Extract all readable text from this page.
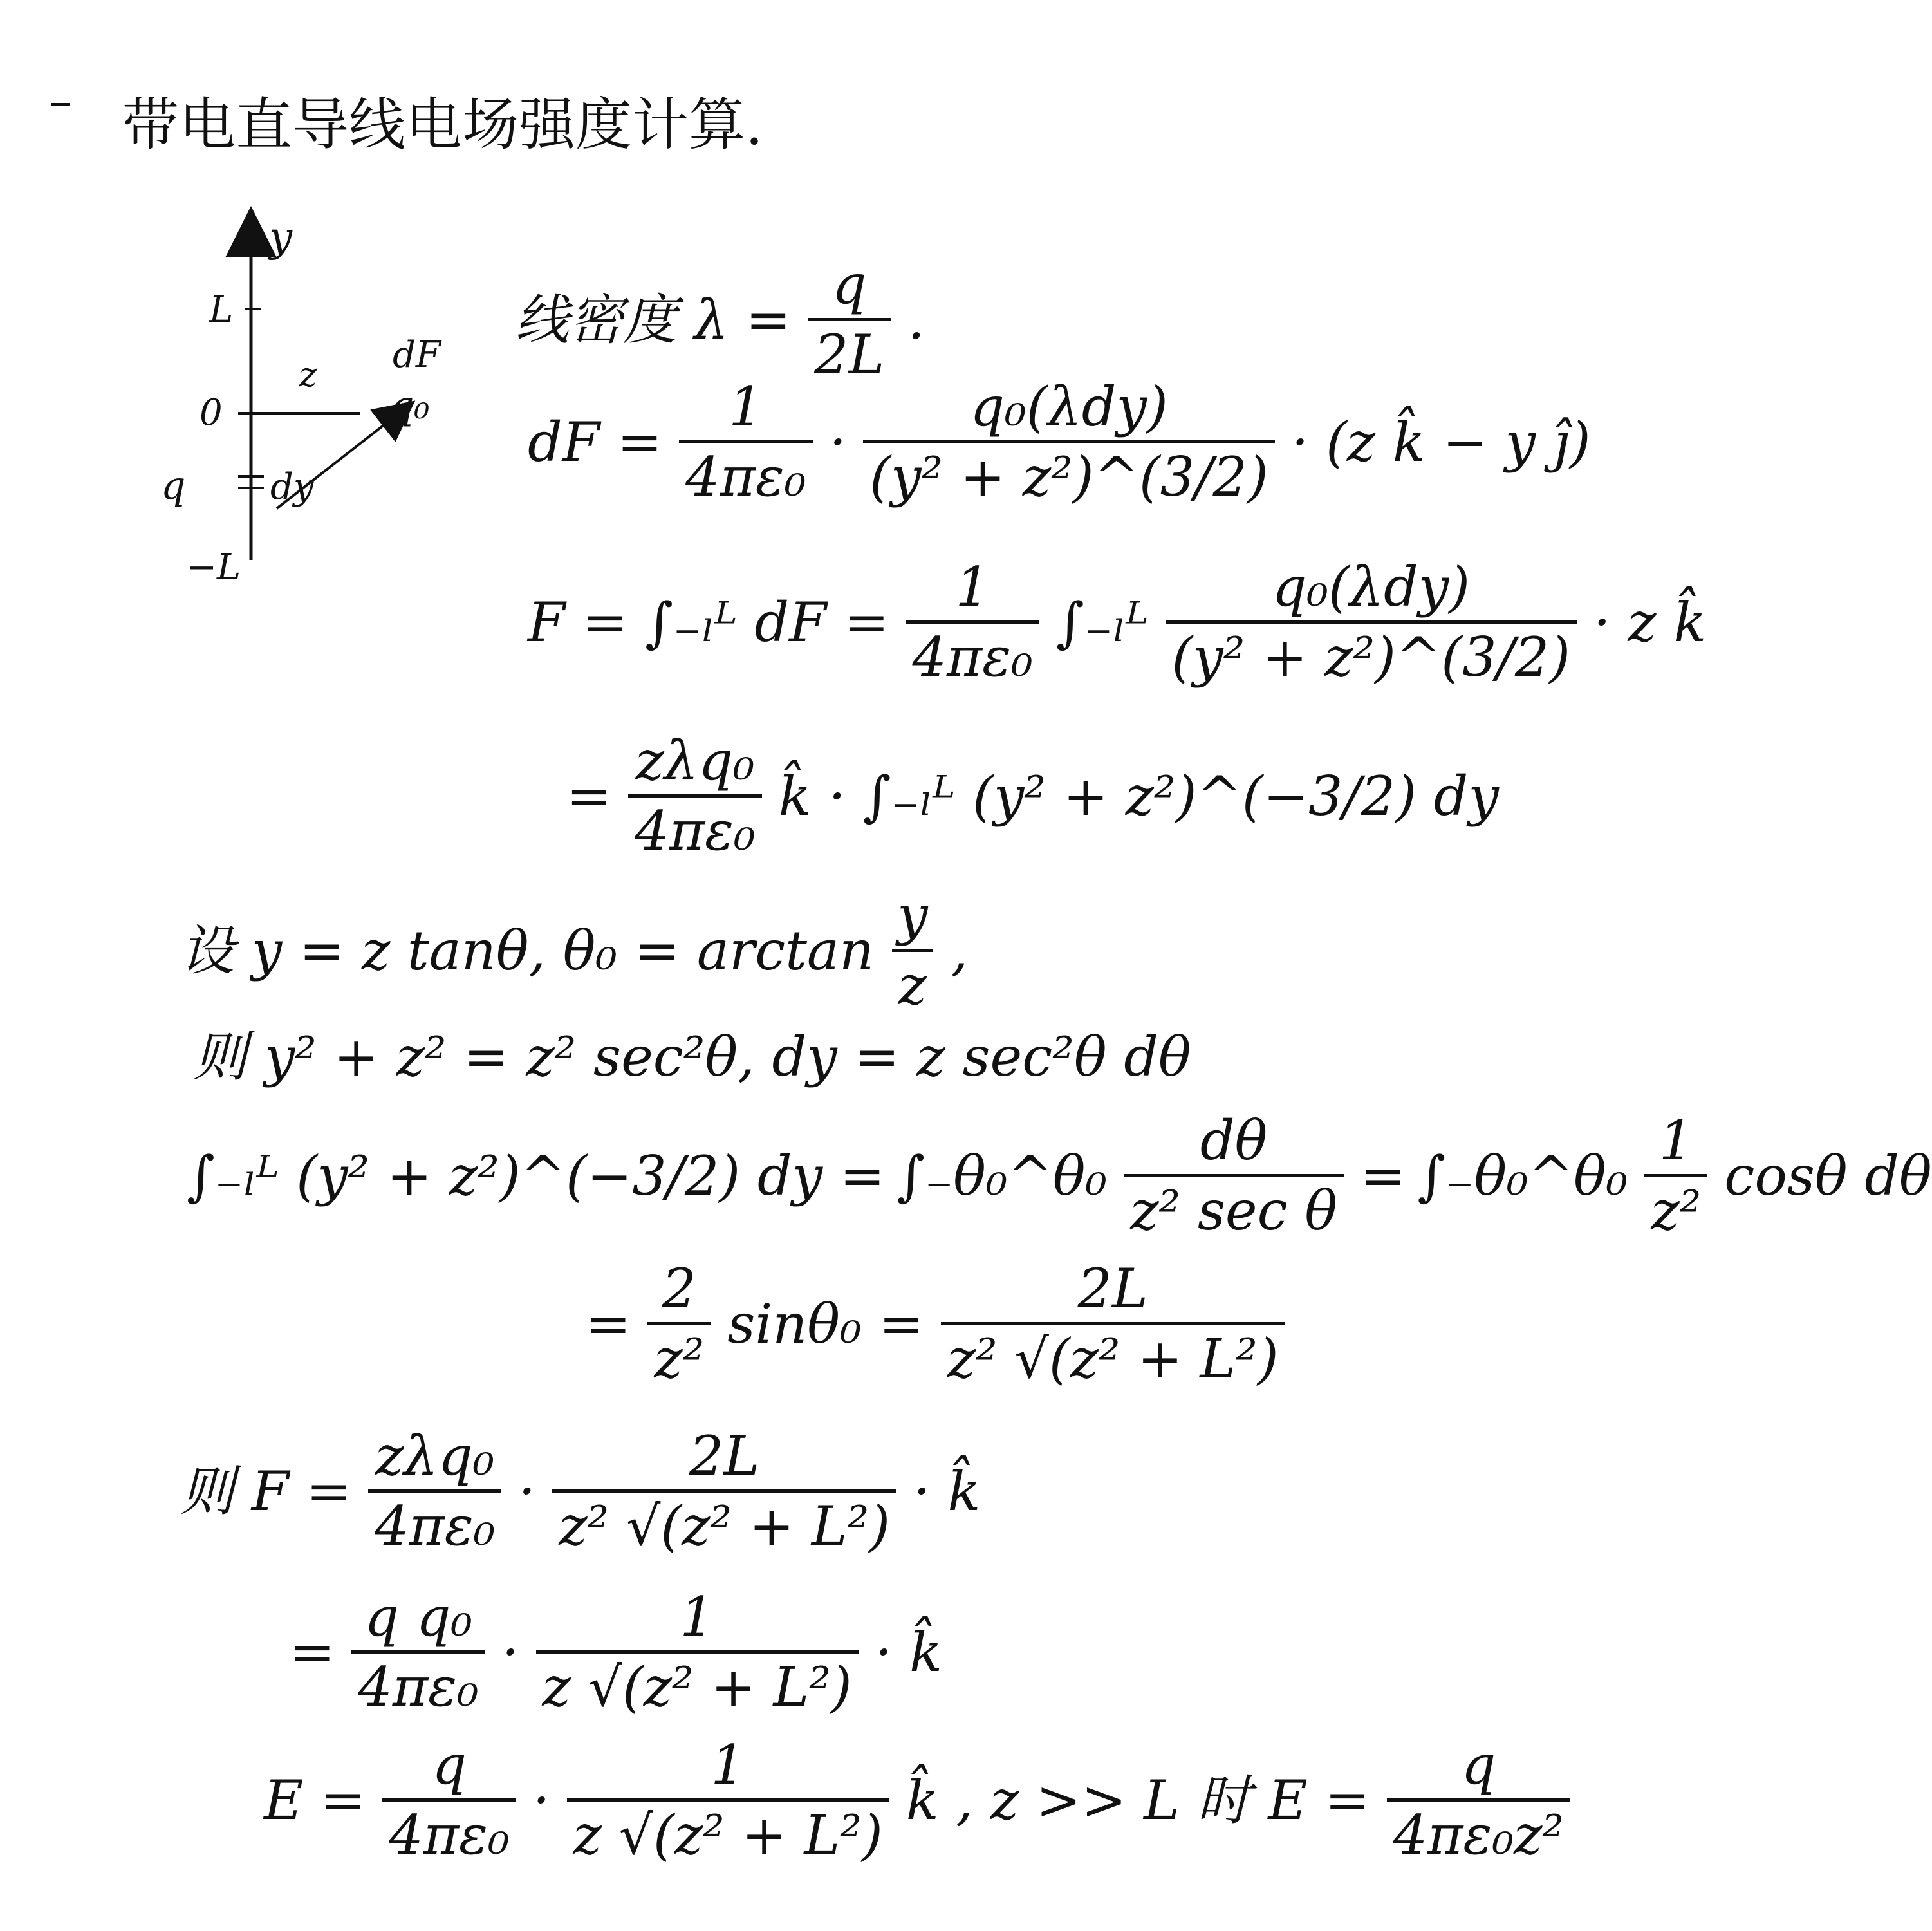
带电直导线电场强度计算.
y
L
0
z dF
q₀
q dy
−L
线密度 $\lambda = \frac{q}{2L}$ .
dF = $\frac{1}{\text{4πε₀}} \cdot \frac{\text{q₀(λdy)}}{\text{(y² + z²)\textasciicircum{}(3/2)}} \cdot (z$ k̂ − y ĵ)
F = ∫₋ₗᴸ dF = $\frac{1}{\text{4πε₀}}$ ∫₋ₗᴸ $\frac{\text{q₀(λdy)}}{\text{(y² + z²)\textasciicircum{}(3/2)}} \cdot z$ k̂
= $\frac{\text{zλq₀}}{\text{4πε₀}}$ k̂ · ∫₋ₗᴸ (y² + z²)^(−3/2) dy
设 y = z tanθ, $\theta_0 = \arctan \frac{y}{z}$ ,
则 y² + z² = z² sec²θ, dy = z sec²θ dθ
∫₋ₗᴸ (y² + z²)^(−3/2) dy = ∫₋θ₀^θ₀ $\frac{d\theta}{\text{z² sec θ}}$ = ∫₋θ₀^θ₀ $\frac{1}{\text{z²}}$ cosθ dθ
= $\frac{2}{\text{z²}} \sin\theta_0 = \frac{2L}{\text{z² √(z² + L²)}}$
则 $F = \frac{\text{zλq₀}}{\text{4πε₀}} \cdot \frac{2L}{\text{z² √(z² + L²)}}$ · k̂
= $\frac{\text{q q₀}}{\text{4πε₀}} \cdot \frac{1}{\text{z √(z² + L²)}}$ · k̂
$E = \frac{q}{\text{4πε₀}} \cdot \frac{1}{\text{z √(z² + L²)}}$ k̂ , z >> L 时 $E = \frac{q}{\text{4πε₀z²}}$
